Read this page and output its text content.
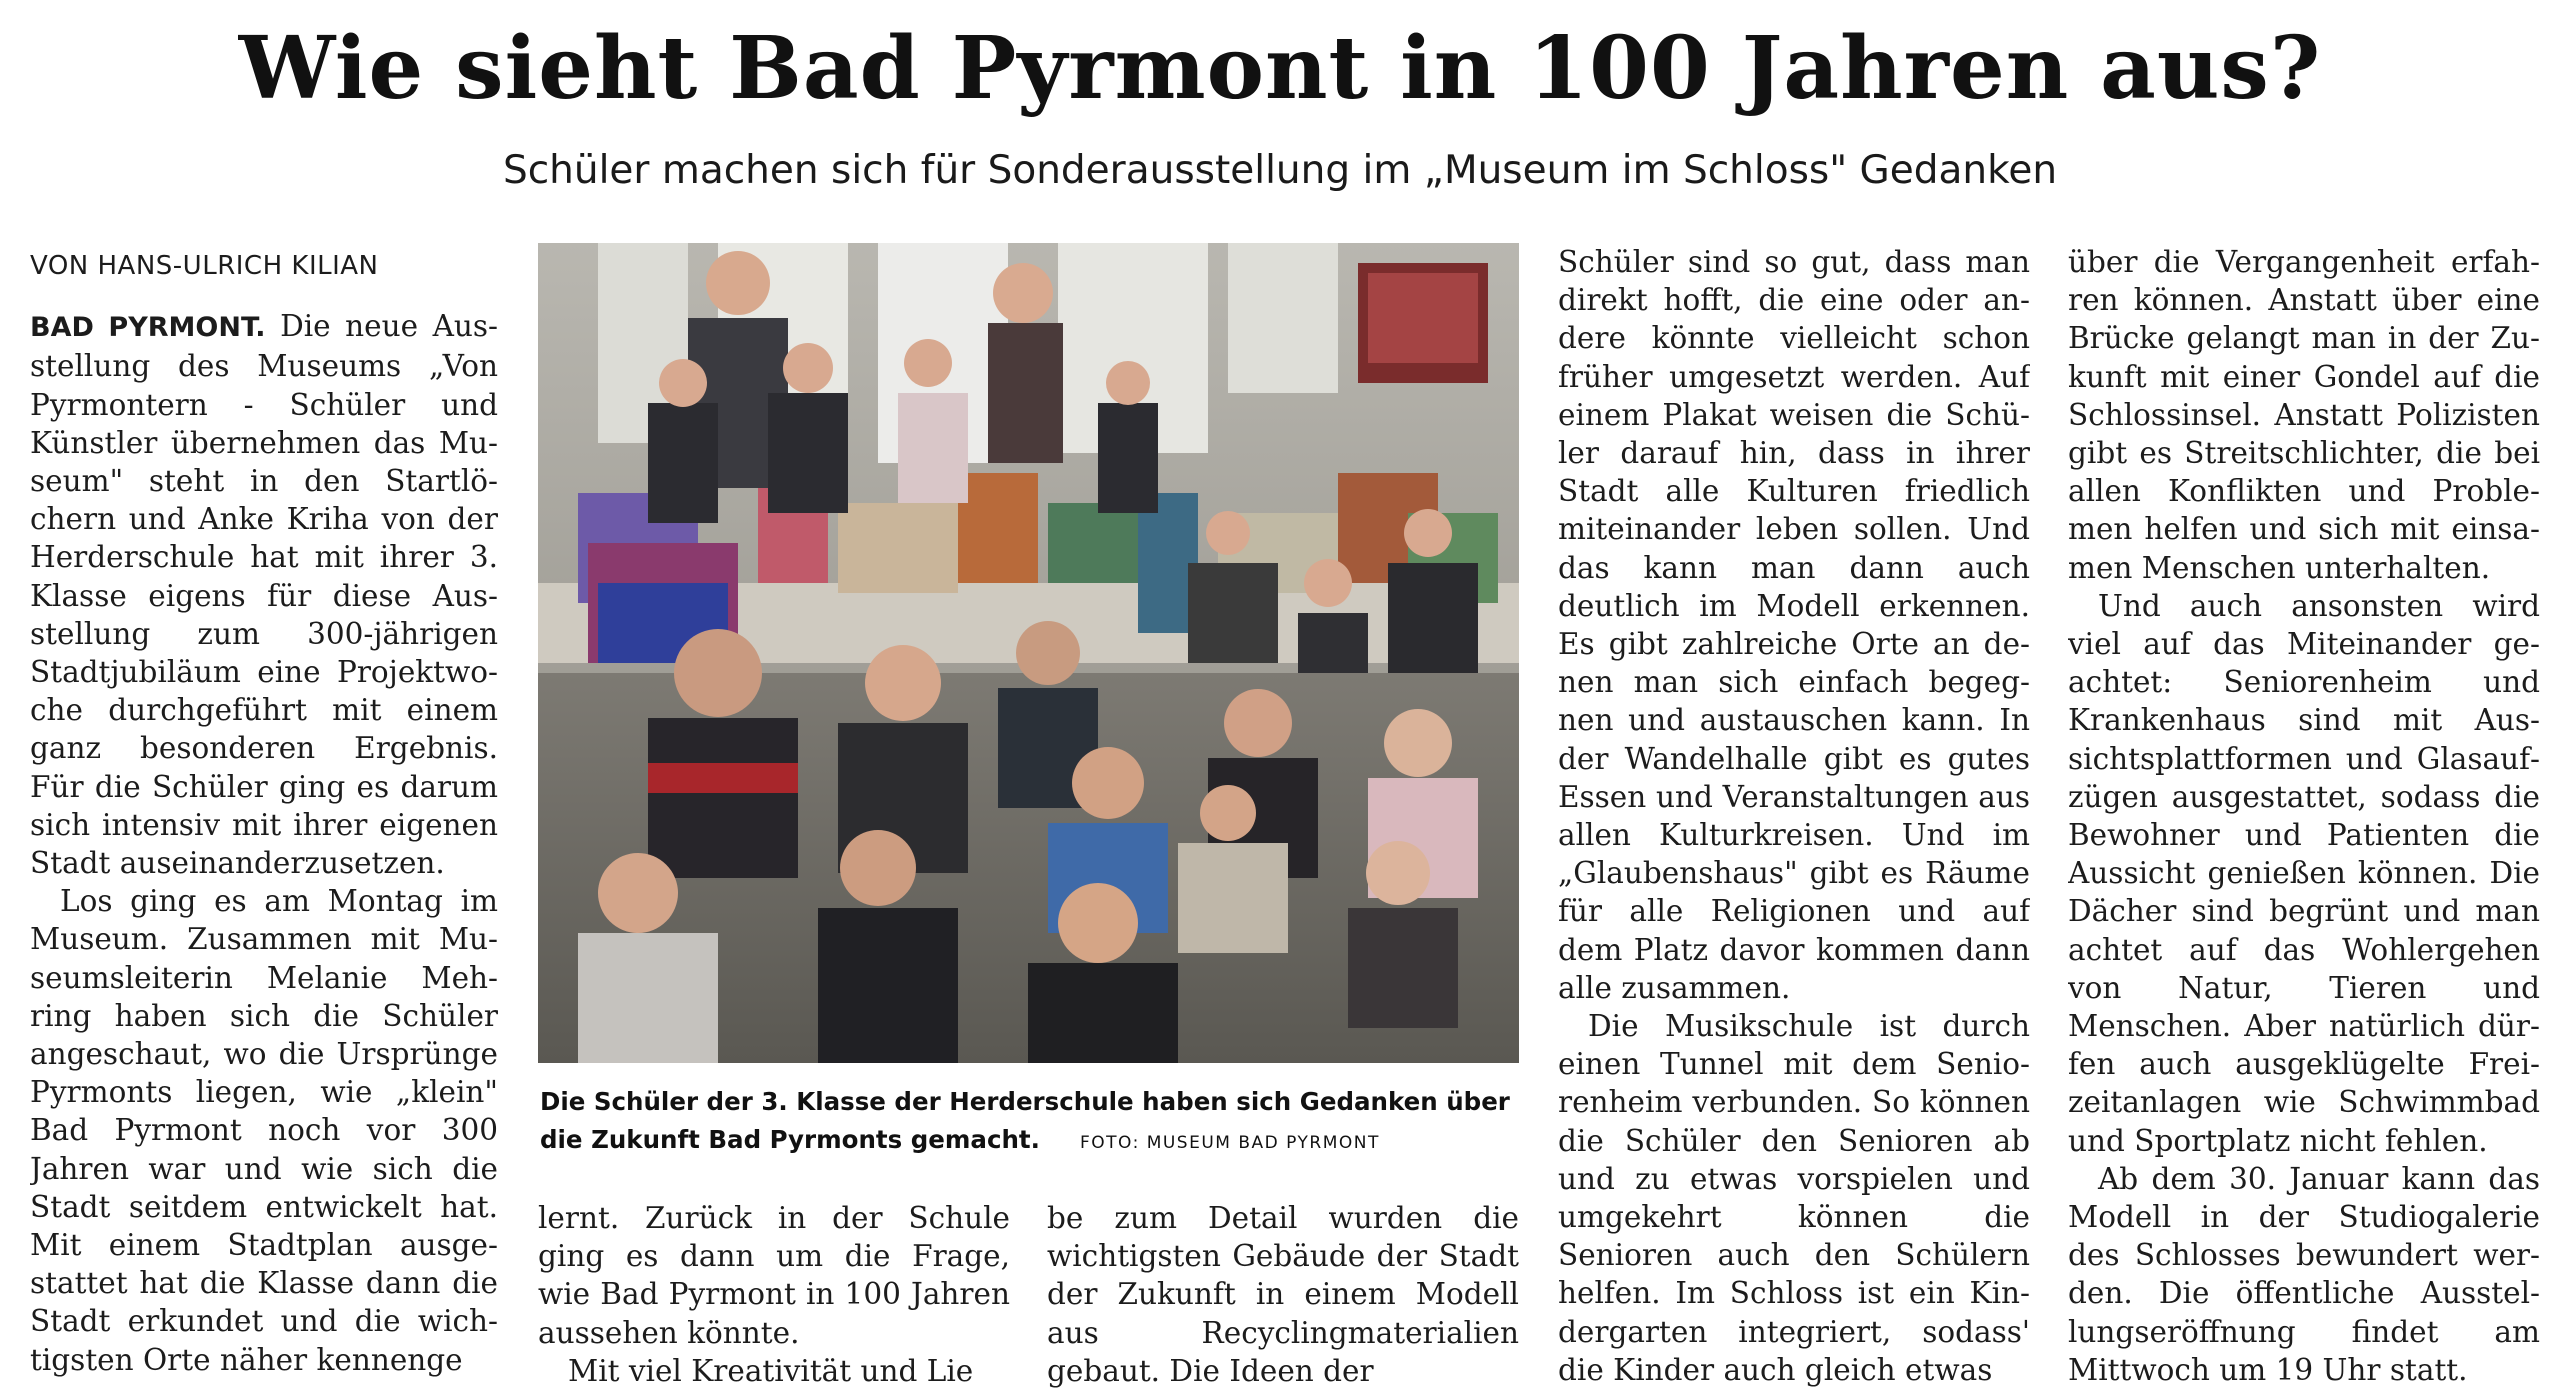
Wie sieht Bad Pyrmont in 100 Jahren aus?
Schüler machen sich für Sonderausstellung im „Museum im Schloss" Gedanken
VON HANS-ULRICH KILIAN

BAD PYRMONT. Die neue Ausstellung des Museums „Von Pyrmontern - Schüler und Künstler übernehmen das Museum" steht in den Startlöchern und Anke Kriha von der Herderschule hat mit ihrer 3. Klasse eigens für diese Ausstellung zum 300-jährigen Stadtjubiläum eine Projektwoche durchgeführt mit einem ganz besonderen Ergebnis. Für die Schüler ging es darum sich intensiv mit ihrer eigenen Stadt auseinanderzusetzen.

Los ging es am Montag im Museum. Zusammen mit Museumsleiterin Melanie Mehring haben sich die Schüler angeschaut, wo die Ursprünge Pyrmonts liegen, wie „klein" Bad Pyrmont noch vor 300 Jahren war und wie sich die Stadt seitdem entwickelt hat. Mit einem Stadtplan ausgestattet hat die Klasse dann die Stadt erkundet und die wichtigsten Orte näher kennenge

Die Schüler der 3. Klasse der Herderschule haben sich Gedanken über die Zukunft Bad Pyrmonts gemacht. FOTO: MUSEUM BAD PYRMONT

lernt. Zurück in der Schule ging es dann um die Frage, wie Bad Pyrmont in 100 Jahren aussehen könnte.

Mit viel Kreativität und Lie

be zum Detail wurden die wichtigsten Gebäude der Stadt der Zukunft in einem Modell aus Recyclingmaterialien gebaut. Die Ideen der

Schüler sind so gut, dass man direkt hofft, die eine oder andere könnte vielleicht schon früher umgesetzt werden. Auf einem Plakat weisen die Schüler darauf hin, dass in ihrer Stadt alle Kulturen friedlich miteinander leben sollen. Und das kann man dann auch deutlich im Modell erkennen. Es gibt zahlreiche Orte an denen man sich einfach begegnen und austauschen kann. In der Wandelhalle gibt es gutes Essen und Veranstaltungen aus allen Kulturkreisen. Und im „Glaubenshaus" gibt es Räume für alle Religionen und auf dem Platz davor kommen dann alle zusammen.

Die Musikschule ist durch einen Tunnel mit dem Seniorenheim verbunden. So können die Schüler den Senioren ab und zu etwas vorspielen und umgekehrt können die Senioren auch den Schülern helfen. Im Schloss ist ein Kindergarten integriert, sodass' die Kinder auch gleich etwas

über die Vergangenheit erfahren können. Anstatt über eine Brücke gelangt man in der Zukunft mit einer Gondel auf die Schlossinsel. Anstatt Polizisten gibt es Streitschlichter, die bei allen Konflikten und Problemen helfen und sich mit einsamen Menschen unterhalten.

Und auch ansonsten wird viel auf das Miteinander geachtet: Seniorenheim und Krankenhaus sind mit Aussichtsplattformen und Glasaufzügen ausgestattet, sodass die Bewohner und Patienten die Aussicht genießen können. Die Dächer sind begrünt und man achtet auf das Wohlergehen von Natur, Tieren und Menschen. Aber natürlich dürfen auch ausgeklügelte Freizeitanlagen wie Schwimmbad und Sportplatz nicht fehlen.

Ab dem 30. Januar kann das Modell in der Studiogalerie des Schlosses bewundert werden. Die öffentliche Ausstellungseröffnung findet am Mittwoch um 19 Uhr statt.
